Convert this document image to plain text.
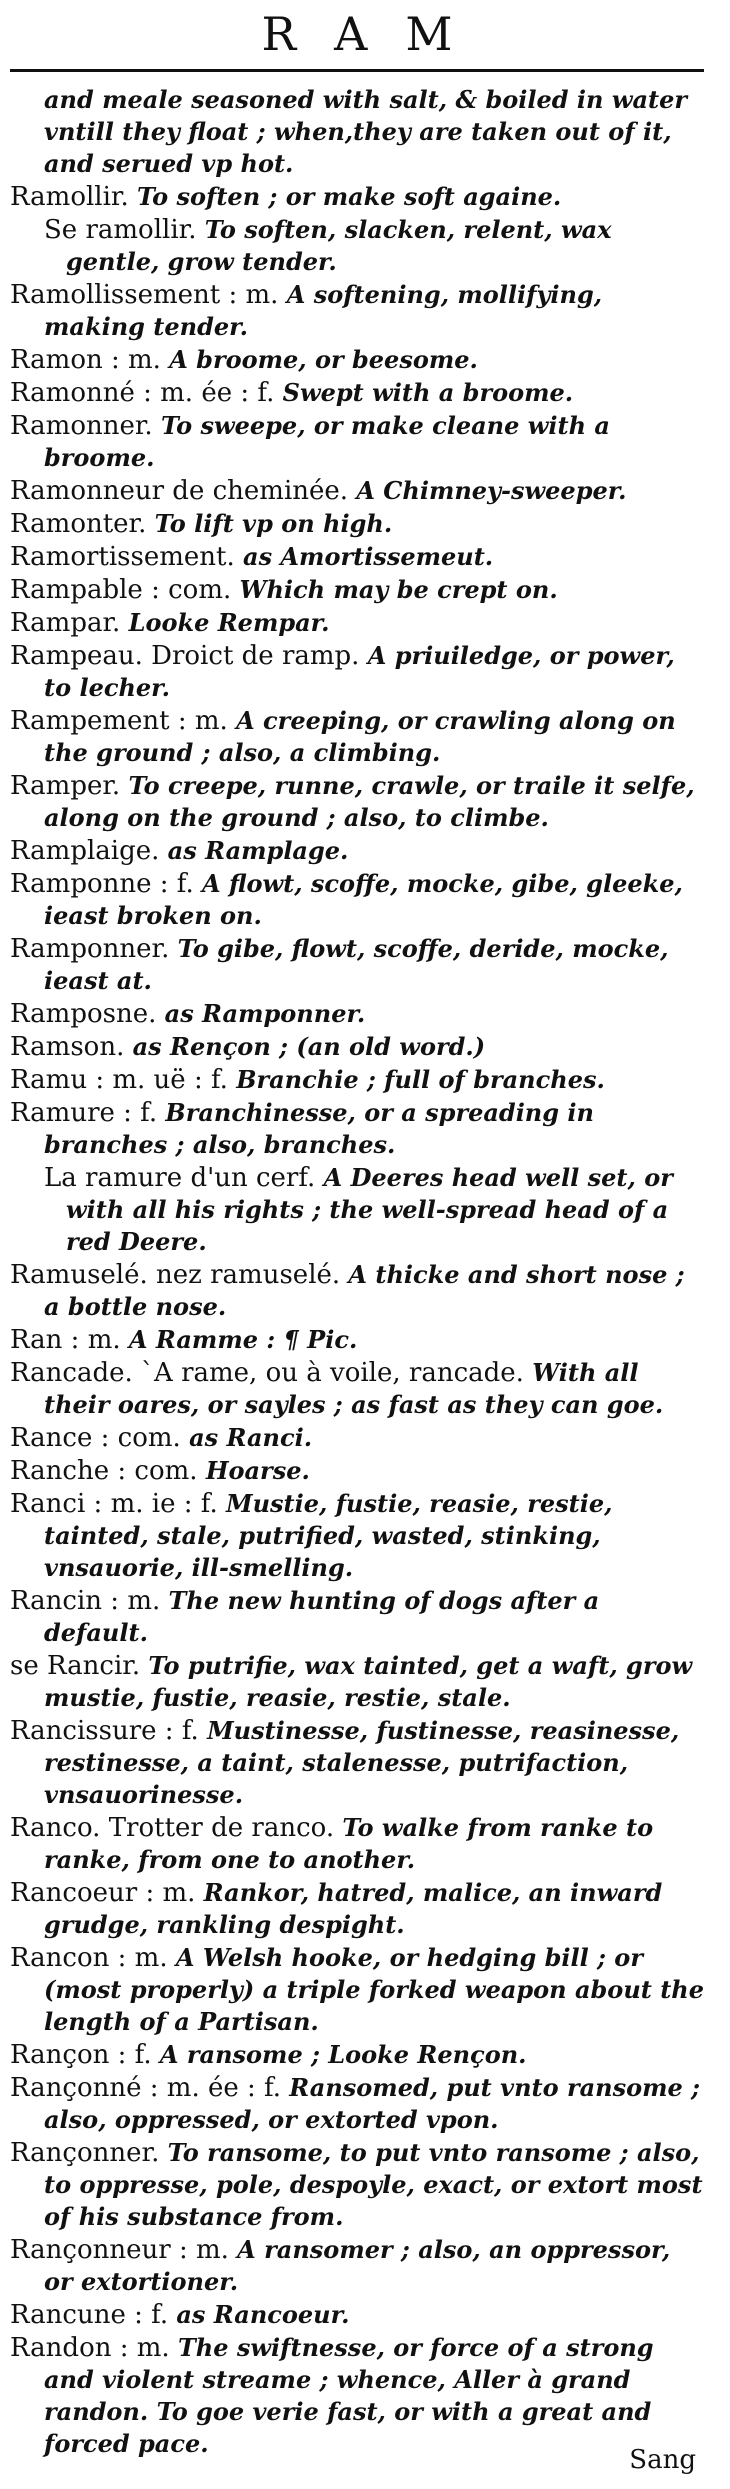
RAM
and meale seasoned with salt, & boiled in water vntill they float ; when,they are taken out of it, and serued vp hot.
Ramollir. To soften ; or make soft againe.
Se ramollir. To soften, slacken, relent, wax gentle, grow tender.
Ramollissement : m. A softening, mollifying, making tender.
Ramon : m. A broome, or beesome.
Ramonné : m. ée : f. Swept with a broome.
Ramonner. To sweepe, or make cleane with a broome.
Ramonneur de cheminée. A Chimney-sweeper.
Ramonter. To lift vp on high.
Ramortissement. as Amortissemeut.
Rampable : com. Which may be crept on.
Rampar. Looke Rempar.
Rampeau. Droict de ramp. A priuiledge, or power, to lecher.
Rampement : m. A creeping, or crawling along on the ground ; also, a climbing.
Ramper. To creepe, runne, crawle, or traile it selfe, along on the ground ; also, to climbe.
Ramplaige. as Ramplage.
Ramponne : f. A flowt, scoffe, mocke, gibe, gleeke, ieast broken on.
Ramponner. To gibe, flowt, scoffe, deride, mocke, ieast at.
Ramposne. as Ramponner.
Ramson. as Rençon ; (an old word.)
Ramu : m. uë : f. Branchie ; full of branches.
Ramure : f. Branchinesse, or a spreading in branches ; also, branches.
La ramure d'un cerf. A Deeres head well set, or with all his rights ; the well-spread head of a red Deere.
Ramuselé. nez ramuselé. A thicke and short nose ; a bottle nose.
Ran : m. A Ramme : ¶ Pic.
Rancade. `A rame, ou à voile, rancade. With all their oares, or sayles ; as fast as they can goe.
Rance : com. as Ranci.
Ranche : com. Hoarse.
Ranci : m. ie : f. Mustie, fustie, reasie, restie, tainted, stale, putrified, wasted, stinking, vnsauorie, ill-smelling.
Rancin : m. The new hunting of dogs after a default.
se Rancir. To putrifie, wax tainted, get a waft, grow mustie, fustie, reasie, restie, stale.
Rancissure : f. Mustinesse, fustinesse, reasinesse, restinesse, a taint, stalenesse, putrifaction, vnsauorinesse.
Ranco. Trotter de ranco. To walke from ranke to ranke, from one to another.
Rancoeur : m. Rankor, hatred, malice, an inward grudge, rankling despight.
Rancon : m. A Welsh hooke, or hedging bill ; or (most properly) a triple forked weapon about the length of a Partisan.
Rançon : f. A ransome ; Looke Rençon.
Rançonné : m. ée : f. Ransomed, put vnto ransome ; also, oppressed, or extorted vpon.
Rançonner. To ransome, to put vnto ransome ; also, to oppresse, pole, despoyle, exact, or extort most of his substance from.
Rançonneur : m. A ransomer ; also, an oppressor, or extortioner.
Rancune : f. as Rancoeur.
Randon : m. The swiftnesse, or force of a strong and violent streame ; whence, Aller à grand randon. To goe verie fast, or with a great and forced pace.
Sang
